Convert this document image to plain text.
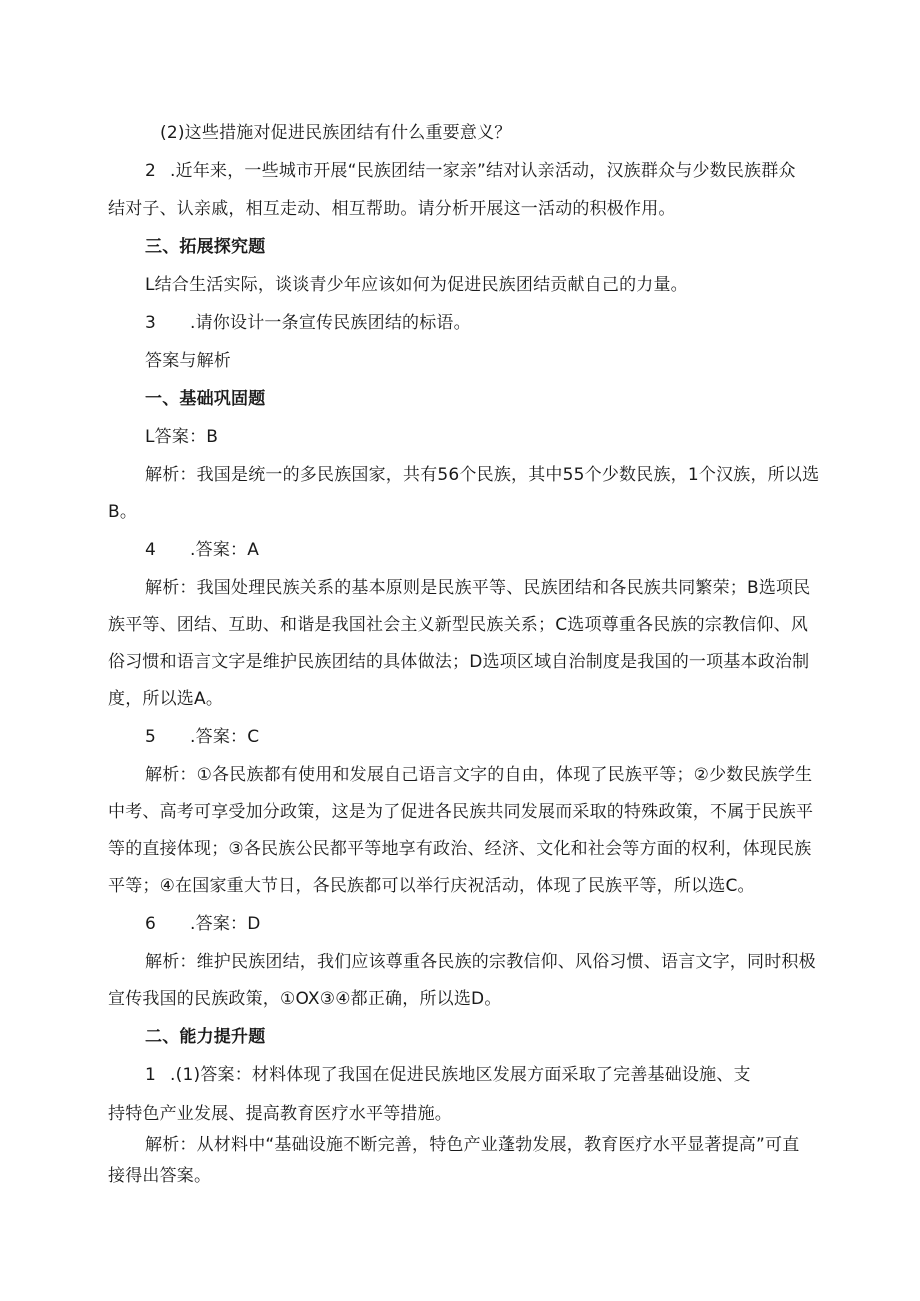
(2)这些措施对促进民族团结有什么重要意义？
2 .近年来，一些城市开展“民族团结一家亲”结对认亲活动，汉族群众与少数民族群众
结对子、认亲戚，相互走动、相互帮助。请分析开展这一活动的积极作用。
三、拓展探究题
L结合生活实际，谈谈青少年应该如何为促进民族团结贡献自己的力量。
3 .请你设计一条宣传民族团结的标语。
答案与解析
一、基础巩固题
L答案：B
解析：我国是统一的多民族国家，共有56个民族，其中55个少数民族，1个汉族，所以选
B。
4 .答案：A
解析：我国处理民族关系的基本原则是民族平等、民族团结和各民族共同繁荣；B选项民
族平等、团结、互助、和谐是我国社会主义新型民族关系；C选项尊重各民族的宗教信仰、风
俗习惯和语言文字是维护民族团结的具体做法；D选项区域自治制度是我国的一项基本政治制
度，所以选A。
5 .答案：C
解析：①各民族都有使用和发展自己语言文字的自由，体现了民族平等；②少数民族学生
中考、高考可享受加分政策，这是为了促进各民族共同发展而采取的特殊政策，不属于民族平
等的直接体现；③各民族公民都平等地享有政治、经济、文化和社会等方面的权利，体现民族
平等；④在国家重大节日，各民族都可以举行庆祝活动，体现了民族平等，所以选C。
6 .答案：D
解析：维护民族团结，我们应该尊重各民族的宗教信仰、风俗习惯、语言文字，同时积极
宣传我国的民族政策，①OX③④都正确，所以选D。
二、能力提升题
1 .(1)答案：材料体现了我国在促进民族地区发展方面采取了完善基础设施、支
持特色产业发展、提高教育医疗水平等措施。
解析：从材料中“基础设施不断完善，特色产业蓬勃发展，教育医疗水平显著提高”可直
接得出答案。
